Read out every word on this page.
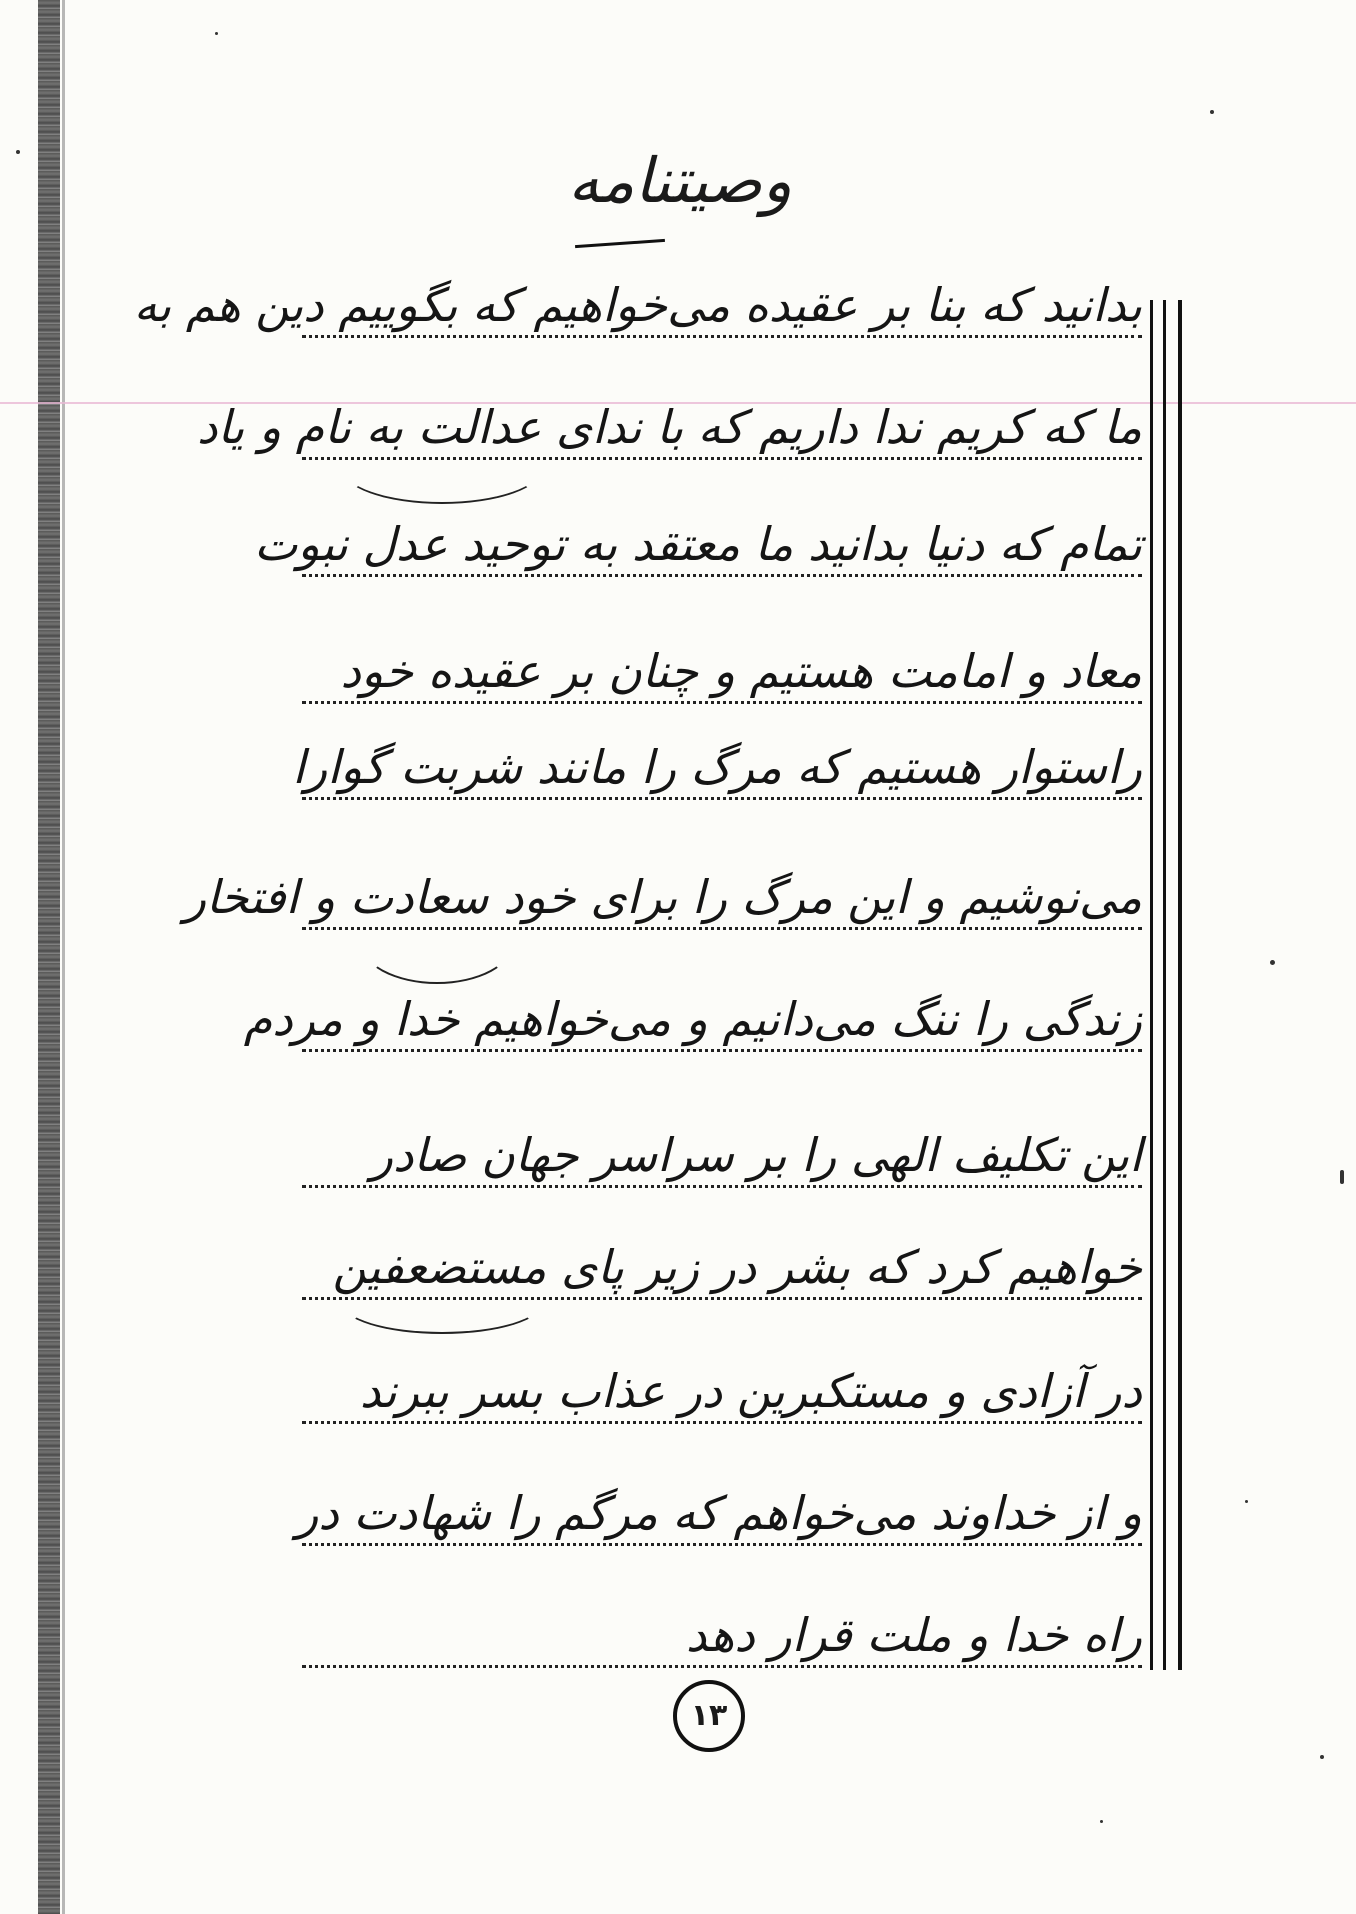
وصیتنامه
بدانید که بنا بر عقیده می‌خواهیم که بگوییم دین هم به
ما که کریم ندا داریم که با ندای عدالت به نام و یاد
تمام که دنیا بدانید ما معتقد به توحید عدل نبوت
معاد و امامت هستیم و چنان بر عقیده خود
راستوار هستیم که مرگ را مانند شربت گوارا
می‌نوشیم و این مرگ را برای خود سعادت و افتخار
زندگی را ننگ می‌دانیم و می‌خواهیم خدا و مردم
این تکلیف الهی را بر سراسر جهان صادر
خواهیم کرد که بشر در زیر پای مستضعفین
در آزادی و مستکبرین در عذاب بسر ببرند
و از خداوند می‌خواهم که مرگم را شهادت در
راه خدا و ملت قرار دهد
۱۳
